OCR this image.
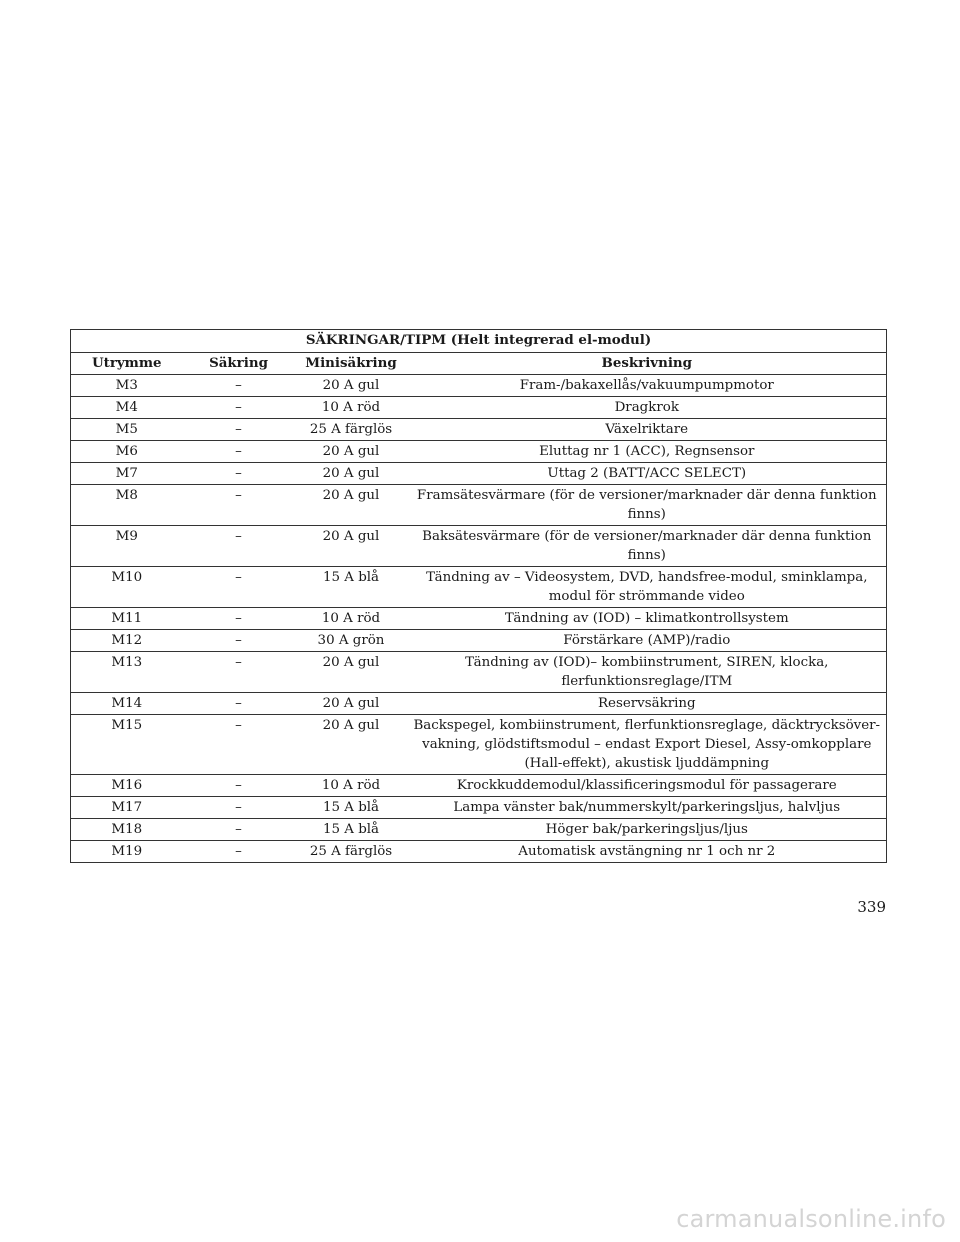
SÄKRINGAR/TIPM (Helt integrerad el-modul)			
Utrymme	Säkring	Minisäkring	Beskrivning
M3	–	20 A gul	Fram-/bakaxellås/vakuumpumpmotor
M4	–	10 A röd	Dragkrok
M5	–	25 A färglös	Växelriktare
M6	–	20 A gul	Eluttag nr 1 (ACC), Regnsensor
M7	–	20 A gul	Uttag 2 (BATT/ACC SELECT)
M8	–	20 A gul	Framsätesvärmare (för de versioner/marknader där denna funktion finns)
M9	–	20 A gul	Baksätesvärmare (för de versioner/marknader där denna funktion finns)
M10	–	15 A blå	Tändning av – Videosystem, DVD, handsfree-modul, sminklampa, modul för strömmande video
M11	–	10 A röd	Tändning av (IOD) – klimatkontrollsystem
M12	–	30 A grön	Förstärkare (AMP)/radio
M13	–	20 A gul	Tändning av (IOD)– kombiinstrument, SIREN, klocka, flerfunktionsreglage/ITM
M14	–	20 A gul	Reservsäkring
M15	–	20 A gul	Backspegel, kombiinstrument, flerfunktionsreglage, däcktrycksöver- vakning, glödstiftsmodul – endast Export Diesel, Assy-omkopplare (Hall-effekt), akustisk ljuddämpning
M16	–	10 A röd	Krockkuddemodul/klassificeringsmodul för passagerare
M17	–	15 A blå	Lampa vänster bak/nummerskylt/parkeringsljus, halvljus
M18	–	15 A blå	Höger bak/parkeringsljus/ljus
M19	–	25 A färglös	Automatisk avstängning nr 1 och nr 2
339
carmanualsonline.info
